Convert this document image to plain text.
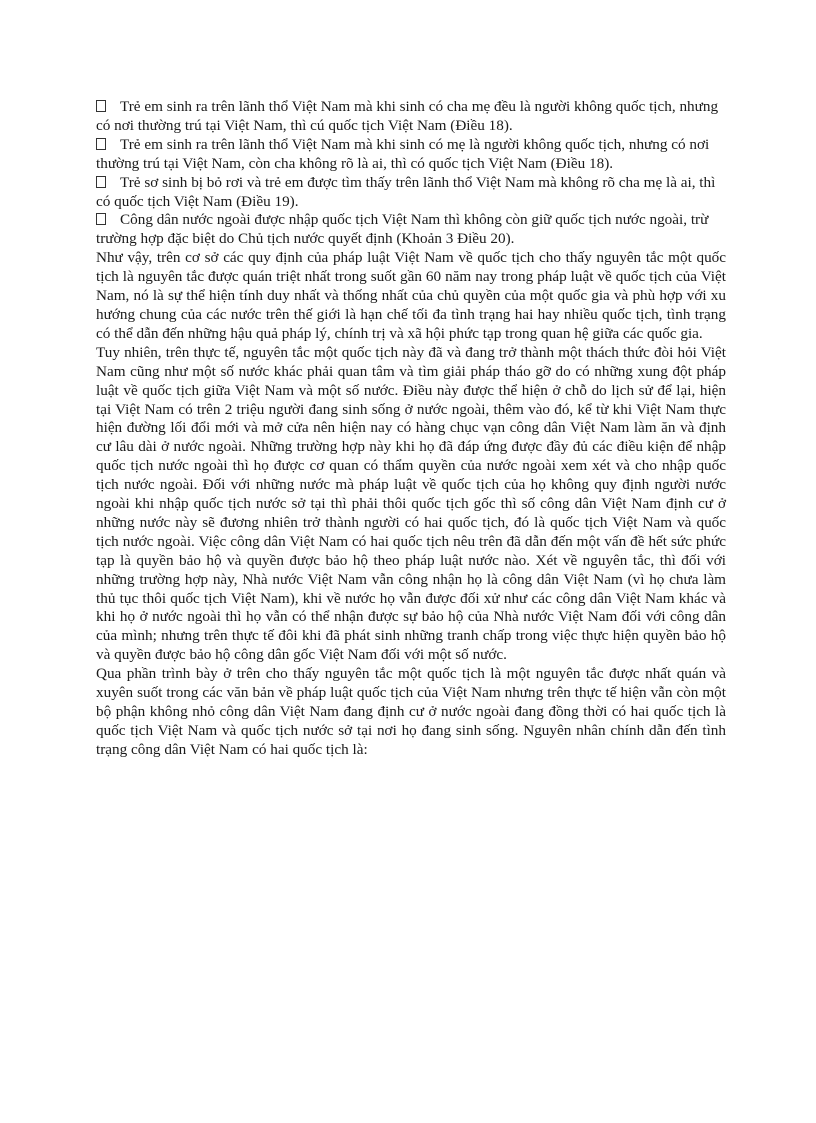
Trẻ em sinh ra trên lãnh thổ Việt Nam mà khi sinh có cha mẹ đều là người không quốc tịch, nhưng có nơi thường trú tại Việt Nam, thì cú quốc tịch Việt Nam (Điều 18).

Trẻ em sinh ra trên lãnh thổ Việt Nam mà khi sinh có mẹ là người không quốc tịch, nhưng có nơi thường trú tại Việt Nam, còn cha không rõ là ai, thì có quốc tịch Việt Nam (Điều 18).

Trẻ sơ sinh bị bỏ rơi và trẻ em được tìm thấy trên lãnh thổ Việt Nam mà không rõ cha mẹ là ai, thì có quốc tịch Việt Nam (Điều 19).

Công dân nước ngoài được nhập quốc tịch Việt Nam thì không còn giữ quốc tịch nước ngoài, trừ trường hợp đặc biệt do Chủ tịch nước quyết định (Khoản 3 Điều 20).

Như vậy, trên cơ sở các quy định của pháp luật Việt Nam về quốc tịch cho thấy nguyên tắc một quốc tịch là nguyên tắc được quán triệt nhất trong suốt gần 60 năm nay trong pháp luật về quốc tịch của Việt Nam, nó là sự thể hiện tính duy nhất và thống nhất của chủ quyền của một quốc gia và phù hợp với xu hướng chung của các nước trên thế giới là hạn chế tối đa tình trạng hai hay nhiều quốc tịch, tình trạng có thể dẫn đến những hậu quả pháp lý, chính trị và xã hội phức tạp trong quan hệ giữa các quốc gia.

Tuy nhiên, trên thực tế, nguyên tắc một quốc tịch này đã và đang trở thành một thách thức đòi hỏi Việt Nam cũng như một số nước khác phải quan tâm và tìm giải pháp tháo gỡ do có những xung đột pháp luật về quốc tịch giữa Việt Nam và một số nước. Điều này được thể hiện ở chỗ do lịch sử để lại, hiện tại Việt Nam có trên 2 triệu người đang sinh sống ở nước ngoài, thêm vào đó, kể từ khi Việt Nam thực hiện đường lối đổi mới và mở cửa nên hiện nay có hàng chục vạn công dân Việt Nam làm ăn và định cư lâu dài ở nước ngoài. Những trường hợp này khi họ đã đáp ứng được đầy đủ các điều kiện để nhập quốc tịch nước ngoài thì họ được cơ quan có thẩm quyền của nước ngoài xem xét và cho nhập quốc tịch nước ngoài. Đối với những nước mà pháp luật về quốc tịch của họ không quy định người nước ngoài khi nhập quốc tịch nước sở tại thì phải thôi quốc tịch gốc thì số công dân Việt Nam định cư ở những nước này sẽ đương nhiên trở thành người có hai quốc tịch, đó là quốc tịch Việt Nam và quốc tịch nước ngoài. Việc công dân Việt Nam có hai quốc tịch nêu trên đã dẫn đến một vấn đề hết sức phức tạp là quyền bảo hộ và quyền được bảo hộ theo pháp luật nước nào. Xét về nguyên tắc, thì đối với những trường hợp này, Nhà nước Việt Nam vẫn công nhận họ là công dân Việt Nam (vì họ chưa làm thủ tục thôi quốc tịch Việt Nam), khi về nước họ vẫn được đối xử như các công dân Việt Nam khác và khi họ ở nước ngoài thì họ vẫn có thể nhận được sự bảo hộ của Nhà nước Việt Nam đối với công dân của mình; nhưng trên thực tế đôi khi đã phát sinh những tranh chấp trong việc thực hiện quyền bảo hộ và quyền được bảo hộ công dân gốc Việt Nam đối với một số nước.

Qua phần trình bày ở trên cho thấy nguyên tắc một quốc tịch là một nguyên tắc được nhất quán và xuyên suốt trong các văn bản về pháp luật quốc tịch của Việt Nam nhưng trên thực tế hiện vẫn còn một bộ phận không nhỏ công dân Việt Nam đang định cư ở nước ngoài đang đồng thời có hai quốc tịch là quốc tịch Việt Nam và quốc tịch nước sở tại nơi họ đang sinh sống. Nguyên nhân chính dẫn đến tình trạng công dân Việt Nam có hai quốc tịch là:
